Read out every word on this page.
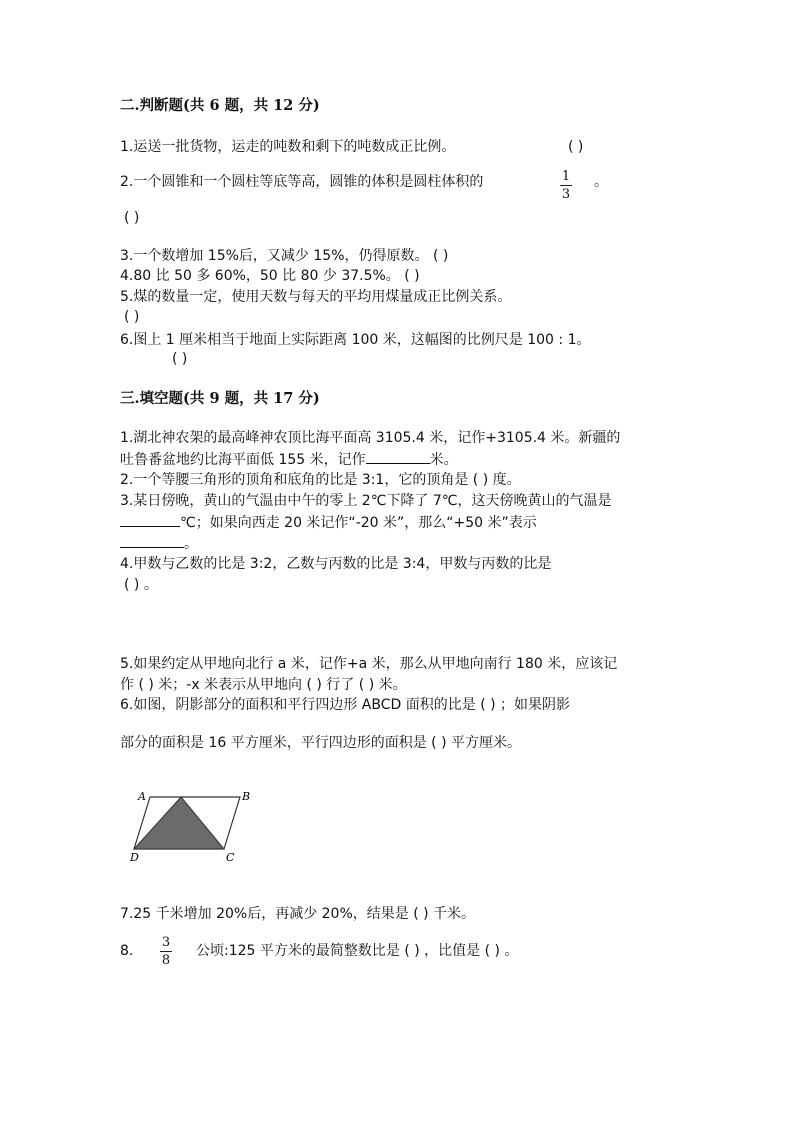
二.判断题(共 6 题，共 12 分)
1.运送一批货物，运走的吨数和剩下的吨数成正比例。	( )
2.一个圆锥和一个圆柱等底等高，圆锥的体积是圆柱体积的	1
3
。
( )
3.一个数增加 15%后，又减少 15%，仍得原数。 ( )
4.80 比 50 多 60%，50 比 80 少 37.5%。 ( )
5.煤的数量一定，使用天数与每天的平均用煤量成正比例关系。
( )
6.图上 1 厘米相当于地面上实际距离 100 米，这幅图的比例尺是 100 : 1。
( )
三.填空题(共 9 题，共 17 分)
1.湖北神农架的最高峰神农顶比海平面高 3105.4 米，记作+3105.4 米。新疆的
吐鲁番盆地约比海平面低 155 米，记作	米。
2.一个等腰三角形的顶角和底角的比是 3:1，它的顶角是 ( ) 度。
3.某日傍晚，黄山的气温由中午的零上 2℃下降了 7℃，这天傍晚黄山的气温是
℃；如果向西走 20 米记作“-20 米”，那么“+50 米”表示
。
4.甲数与乙数的比是 3:2，乙数与丙数的比是 3:4，甲数与丙数的比是
( ) 。
5.如果约定从甲地向北行 a 米，记作+a 米，那么从甲地向南行 180 米，应该记
作 ( ) 米；-x 米表示从甲地向 ( ) 行了 ( ) 米。
6.如图，阴影部分的面积和平行四边形 ABCD 面积的比是 ( ) ；如果阴影
部分的面积是 16 平方厘米，平行四边形的面积是 ( ) 平方厘米。
A	B
C
D
7.25 千米增加 20%后，再减少 20%，结果是 ( ) 千米。
8.
3
8
公顷:125 平方米的最简整数比是 ( ) ，比值是 ( ) 。
